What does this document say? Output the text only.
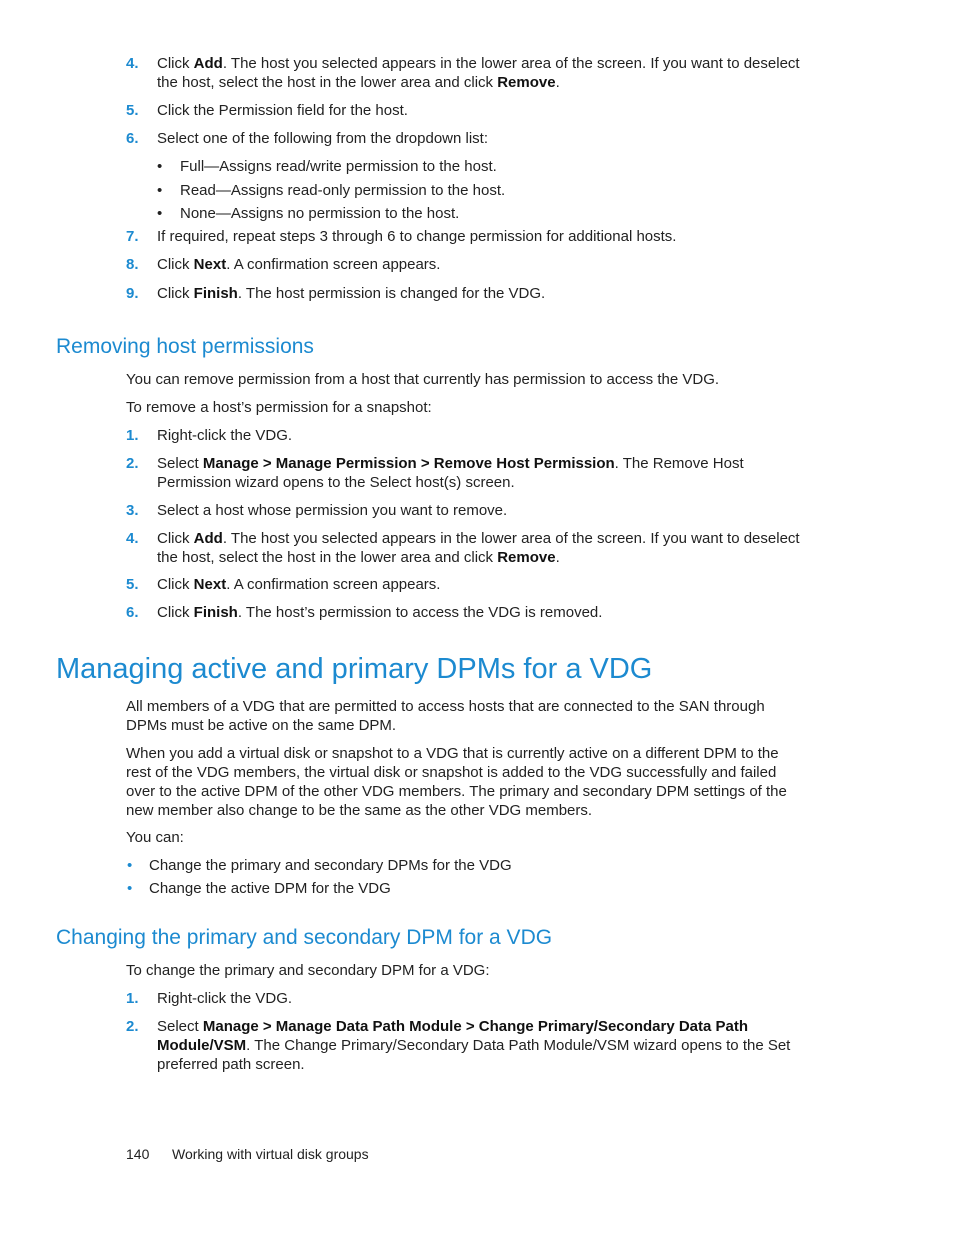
4. Click Add. The host you selected appears in the lower area of the screen. If you want to deselect the host, select the host in the lower area and click Remove.
5. Click the Permission field for the host.
6. Select one of the following from the dropdown list:
• Full—Assigns read/write permission to the host.
• Read—Assigns read-only permission to the host.
• None—Assigns no permission to the host.
7. If required, repeat steps 3 through 6 to change permission for additional hosts.
8. Click Next. A confirmation screen appears.
9. Click Finish. The host permission is changed for the VDG.
Removing host permissions
You can remove permission from a host that currently has permission to access the VDG.
To remove a host’s permission for a snapshot:
1. Right-click the VDG.
2. Select Manage > Manage Permission > Remove Host Permission. The Remove Host Permission wizard opens to the Select host(s) screen.
3. Select a host whose permission you want to remove.
4. Click Add. The host you selected appears in the lower area of the screen. If you want to deselect the host, select the host in the lower area and click Remove.
5. Click Next. A confirmation screen appears.
6. Click Finish. The host’s permission to access the VDG is removed.
Managing active and primary DPMs for a VDG
All members of a VDG that are permitted to access hosts that are connected to the SAN through DPMs must be active on the same DPM.
When you add a virtual disk or snapshot to a VDG that is currently active on a different DPM to the rest of the VDG members, the virtual disk or snapshot is added to the VDG successfully and failed over to the active DPM of the other VDG members. The primary and secondary DPM settings of the new member also change to be the same as the other VDG members.
You can:
• Change the primary and secondary DPMs for the VDG
• Change the active DPM for the VDG
Changing the primary and secondary DPM for a VDG
To change the primary and secondary DPM for a VDG:
1. Right-click the VDG.
2. Select Manage > Manage Data Path Module > Change Primary/Secondary Data Path Module/VSM. The Change Primary/Secondary Data Path Module/VSM wizard opens to the Set preferred path screen.
140 Working with virtual disk groups
